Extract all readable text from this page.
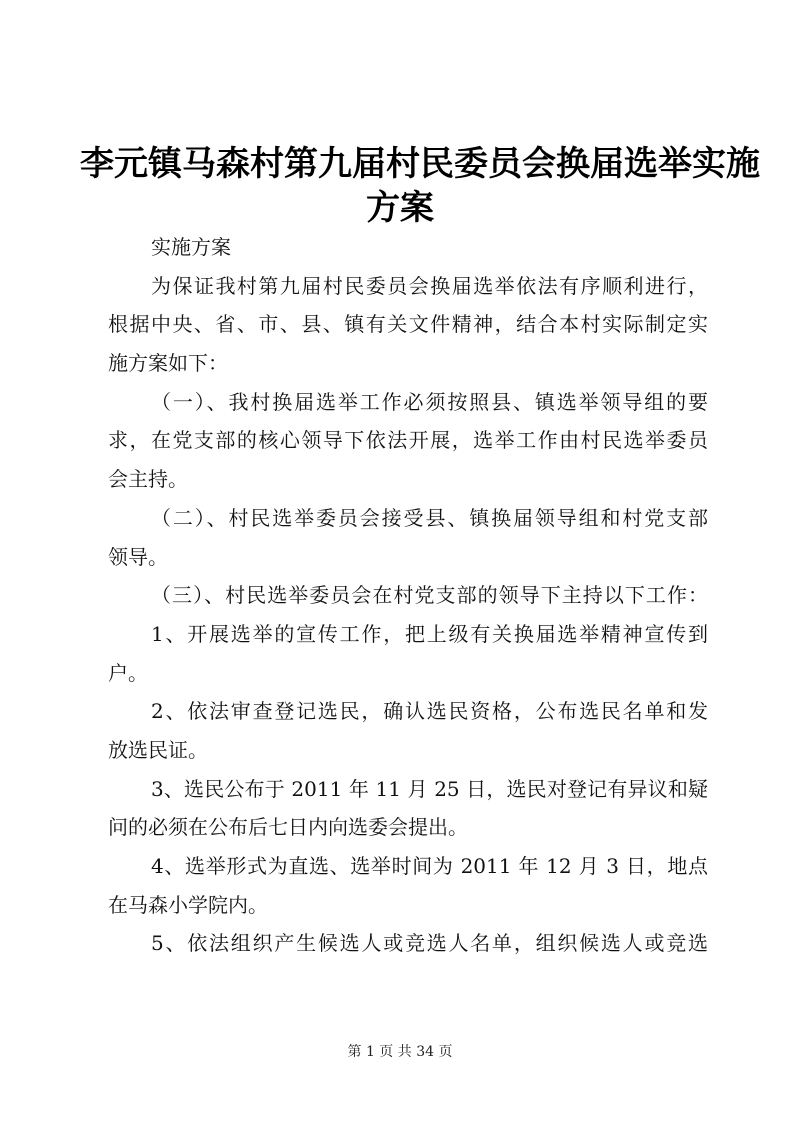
李元镇马森村第九届村民委员会换届选举实施
方案

实施方案

为保证我村第九届村民委员会换届选举依法有序顺利进行，

根据中央、省、市、县、镇有关文件精神，结合本村实际制定实

施方案如下：

（一）、我村换届选举工作必须按照县、镇选举领导组的要

求，在党支部的核心领导下依法开展，选举工作由村民选举委员

会主持。

（二）、村民选举委员会接受县、镇换届领导组和村党支部

领导。

（三）、村民选举委员会在村党支部的领导下主持以下工作：

1、开展选举的宣传工作，把上级有关换届选举精神宣传到

户。

2、依法审查登记选民，确认选民资格，公布选民名单和发

放选民证。

3、选民公布于 2011 年 11 月 25 日，选民对登记有异议和疑

问的必须在公布后七日内向选委会提出。

4、选举形式为直选、选举时间为 2011 年 12 月 3 日，地点

在马森小学院内。

5、依法组织产生候选人或竞选人名单，组织候选人或竞选

第 1 页 共 34 页
